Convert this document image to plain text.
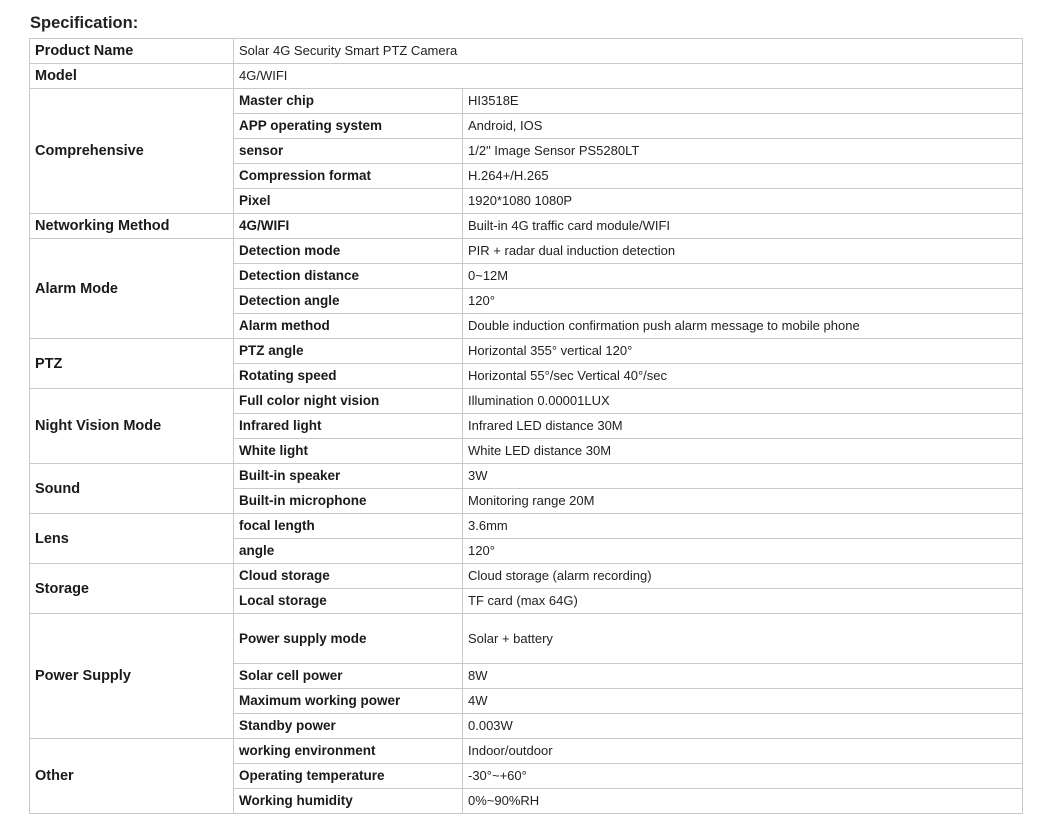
Specification:
Product Name	Solar 4G Security Smart PTZ Camera	
Model	4G/WIFI	
Comprehensive	Master chip	HI3518E
	APP operating system	Android, IOS
	sensor	1/2" Image Sensor PS5280LT
	Compression format	H.264+/H.265
	Pixel	1920*1080 1080P
Networking Method	4G/WIFI	Built-in 4G traffic card module/WIFI
Alarm Mode	Detection mode	PIR + radar dual induction detection
	Detection distance	0~12M
	Detection angle	120°
	Alarm method	Double induction confirmation push alarm message to mobile phone
PTZ	PTZ angle	Horizontal 355° vertical 120°
	Rotating speed	Horizontal 55°/sec Vertical 40°/sec
Night Vision Mode	Full color night vision	Illumination 0.00001LUX
	Infrared light	Infrared LED distance 30M
	White light	White LED distance 30M
Sound	Built-in speaker	3W
	Built-in microphone	Monitoring range 20M
Lens	focal length	3.6mm
	angle	120°
Storage	Cloud storage	Cloud storage (alarm recording)
	Local storage	TF card (max 64G)
Power Supply	Power supply mode	Solar + battery
	Solar cell power	8W
	Maximum working power	4W
	Standby power	0.003W
Other	working environment	Indoor/outdoor
	Operating temperature	-30°~+60°
	Working humidity	0%~90%RH
